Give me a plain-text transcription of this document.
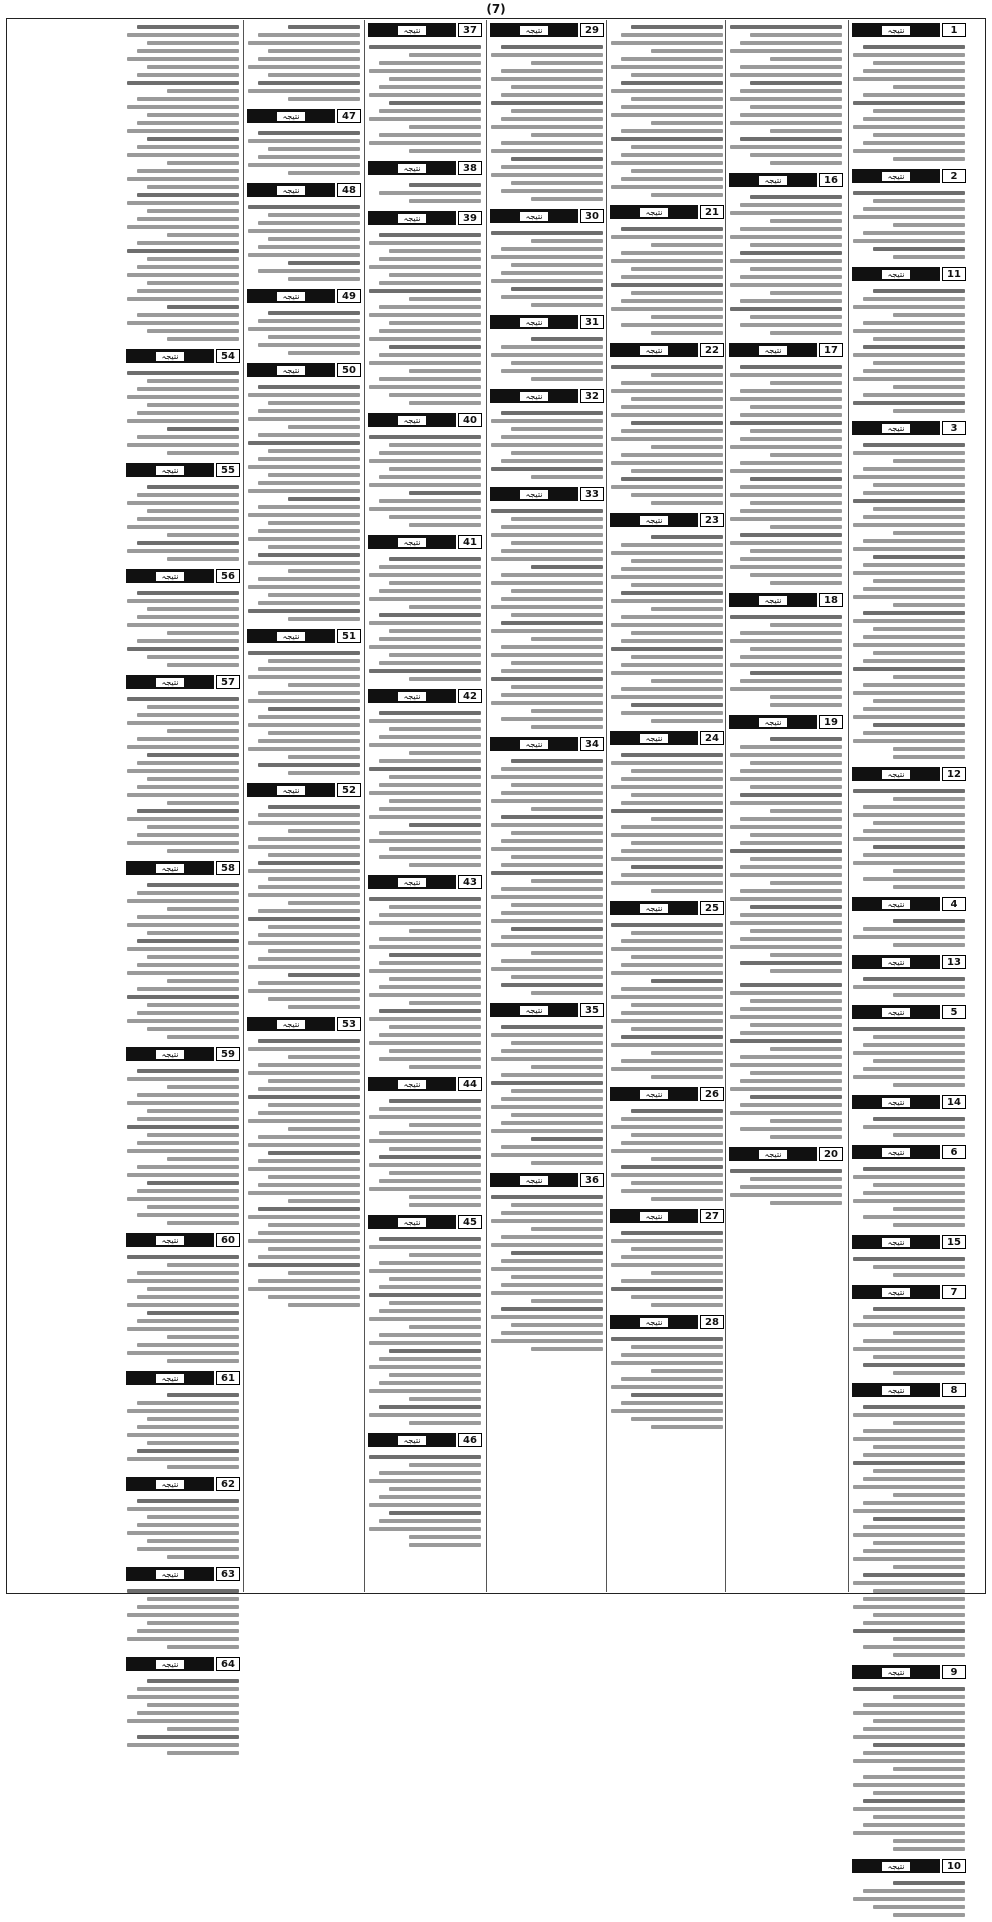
(7)
1
نتیجہ
2
نتیجہ
11
نتیجہ
3
نتیجہ
12
نتیجہ
4
نتیجہ
13
نتیجہ
5
نتیجہ
14
نتیجہ
6
نتیجہ
15
نتیجہ
7
نتیجہ
8
نتیجہ
9
نتیجہ
10
نتیجہ
16
نتیجہ
17
نتیجہ
18
نتیجہ
19
نتیجہ
20
نتیجہ
21
نتیجہ
22
نتیجہ
23
نتیجہ
24
نتیجہ
25
نتیجہ
26
نتیجہ
27
نتیجہ
28
نتیجہ
29
نتیجہ
30
نتیجہ
31
نتیجہ
32
نتیجہ
33
نتیجہ
34
نتیجہ
35
نتیجہ
36
نتیجہ
37
نتیجہ
38
نتیجہ
39
نتیجہ
40
نتیجہ
41
نتیجہ
42
نتیجہ
43
نتیجہ
44
نتیجہ
45
نتیجہ
46
نتیجہ
47
نتیجہ
48
نتیجہ
49
نتیجہ
50
نتیجہ
51
نتیجہ
52
نتیجہ
53
نتیجہ
54
نتیجہ
55
نتیجہ
56
نتیجہ
57
نتیجہ
58
نتیجہ
59
نتیجہ
60
نتیجہ
61
نتیجہ
62
نتیجہ
63
نتیجہ
64
نتیجہ
